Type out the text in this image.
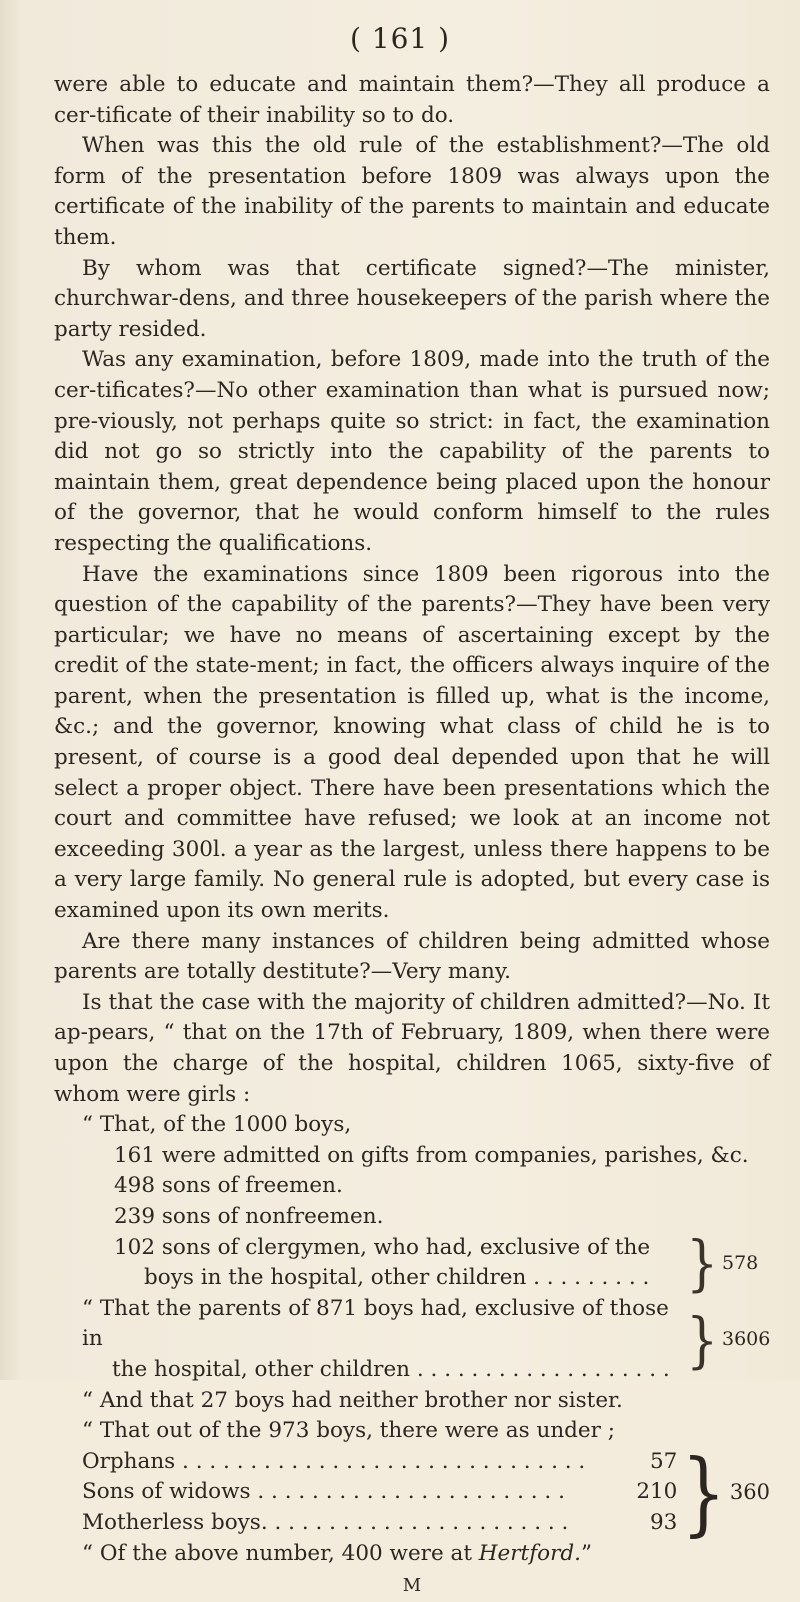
( 161 )

were able to educate and maintain them?—They all produce a cer-tificate of their inability so to do.

When was this the old rule of the establishment?—The old form of the presentation before 1809 was always upon the certificate of the inability of the parents to maintain and educate them.

By whom was that certificate signed?—The minister, churchwar-dens, and three housekeepers of the parish where the party resided.

Was any examination, before 1809, made into the truth of the cer-tificates?—No other examination than what is pursued now; pre-viously, not perhaps quite so strict: in fact, the examination did not go so strictly into the capability of the parents to maintain them, great dependence being placed upon the honour of the governor, that he would conform himself to the rules respecting the qualifications.

Have the examinations since 1809 been rigorous into the question of the capability of the parents?—They have been very particular; we have no means of ascertaining except by the credit of the state-ment; in fact, the officers always inquire of the parent, when the presentation is filled up, what is the income, &c.; and the governor, knowing what class of child he is to present, of course is a good deal depended upon that he will select a proper object. There have been presentations which the court and committee have refused; we look at an income not exceeding 300l. a year as the largest, unless there happens to be a very large family. No general rule is adopted, but every case is examined upon its own merits.

Are there many instances of children being admitted whose parents are totally destitute?—Very many.

Is that the case with the majority of children admitted?—No. It ap-pears, “ that on the 17th of February, 1809, when there were upon the charge of the hospital, children 1065, sixty-five of whom were girls :

“ That, of the 1000 boys,

161 were admitted on gifts from companies, parishes, &c.

498 sons of freemen.

239 sons of nonfreemen.

102 sons of clergymen, who had, exclusive of the
boys in the hospital, other children . . . . . . . . . } 578
“ That the parents of 871 boys had, exclusive of those in
the hospital, other children . . . . . . . . . . . . . . . . . . . } 3606

“ And that 27 boys had neither brother nor sister.

“ That out of the 973 boys, there were as under ;

Orphans . . . . . . . . . . . . . . . . . . . . . . . . . . . . . .	57
Sons of widows . . . . . . . . . . . . . . . . . . . . . . .	210
Motherless boys. . . . . . . . . . . . . . . . . . . . . . .	93 } 360

“ Of the above number, 400 were at Hertford.”

M
